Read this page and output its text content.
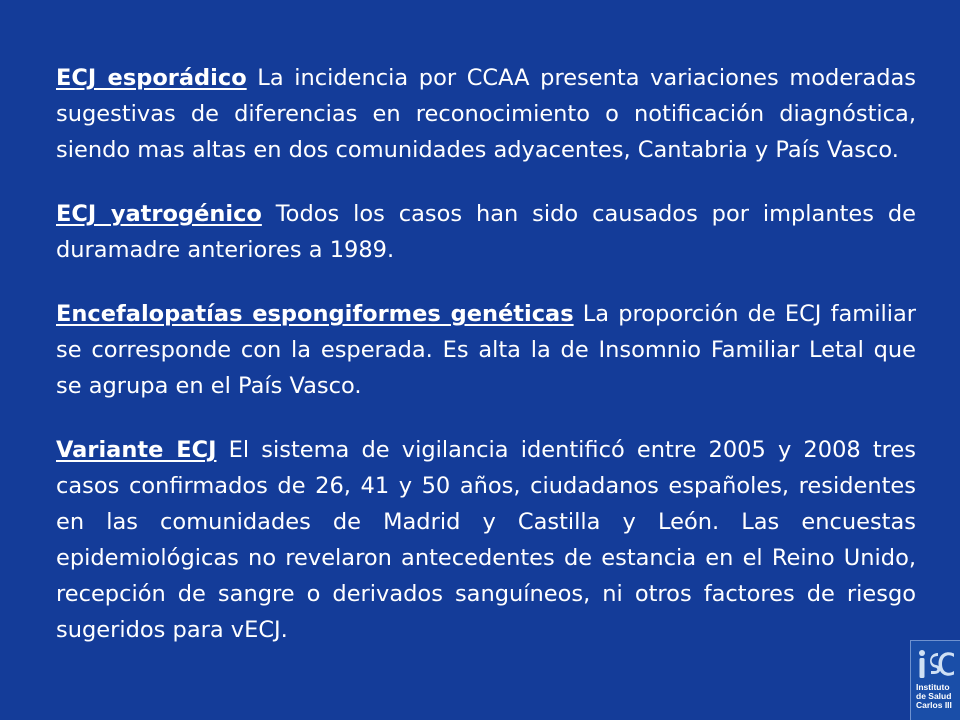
ECJ esporádico La incidencia por CCAA presenta variaciones moderadas sugestivas de diferencias en reconocimiento o notificación diagnóstica, siendo mas altas en dos comunidades adyacentes, Cantabria y País Vasco.

ECJ yatrogénico Todos los casos han sido causados por implantes de duramadre anteriores a 1989.

Encefalopatías espongiformes genéticas La proporción de ECJ familiar se corresponde con la esperada. Es alta la de Insomnio Familiar Letal que se agrupa en el País Vasco.

Variante ECJ El sistema de vigilancia identificó entre 2005 y 2008 tres casos confirmados de 26, 41 y 50 años, ciudadanos españoles, residentes en las comunidades de Madrid y Castilla y León. Las encuestas epidemiológicas no revelaron antecedentes de estancia en el Reino Unido, recepción de sangre o derivados sanguíneos, ni otros factores de riesgo sugeridos para vECJ.

Instituto
de Salud
Carlos III
